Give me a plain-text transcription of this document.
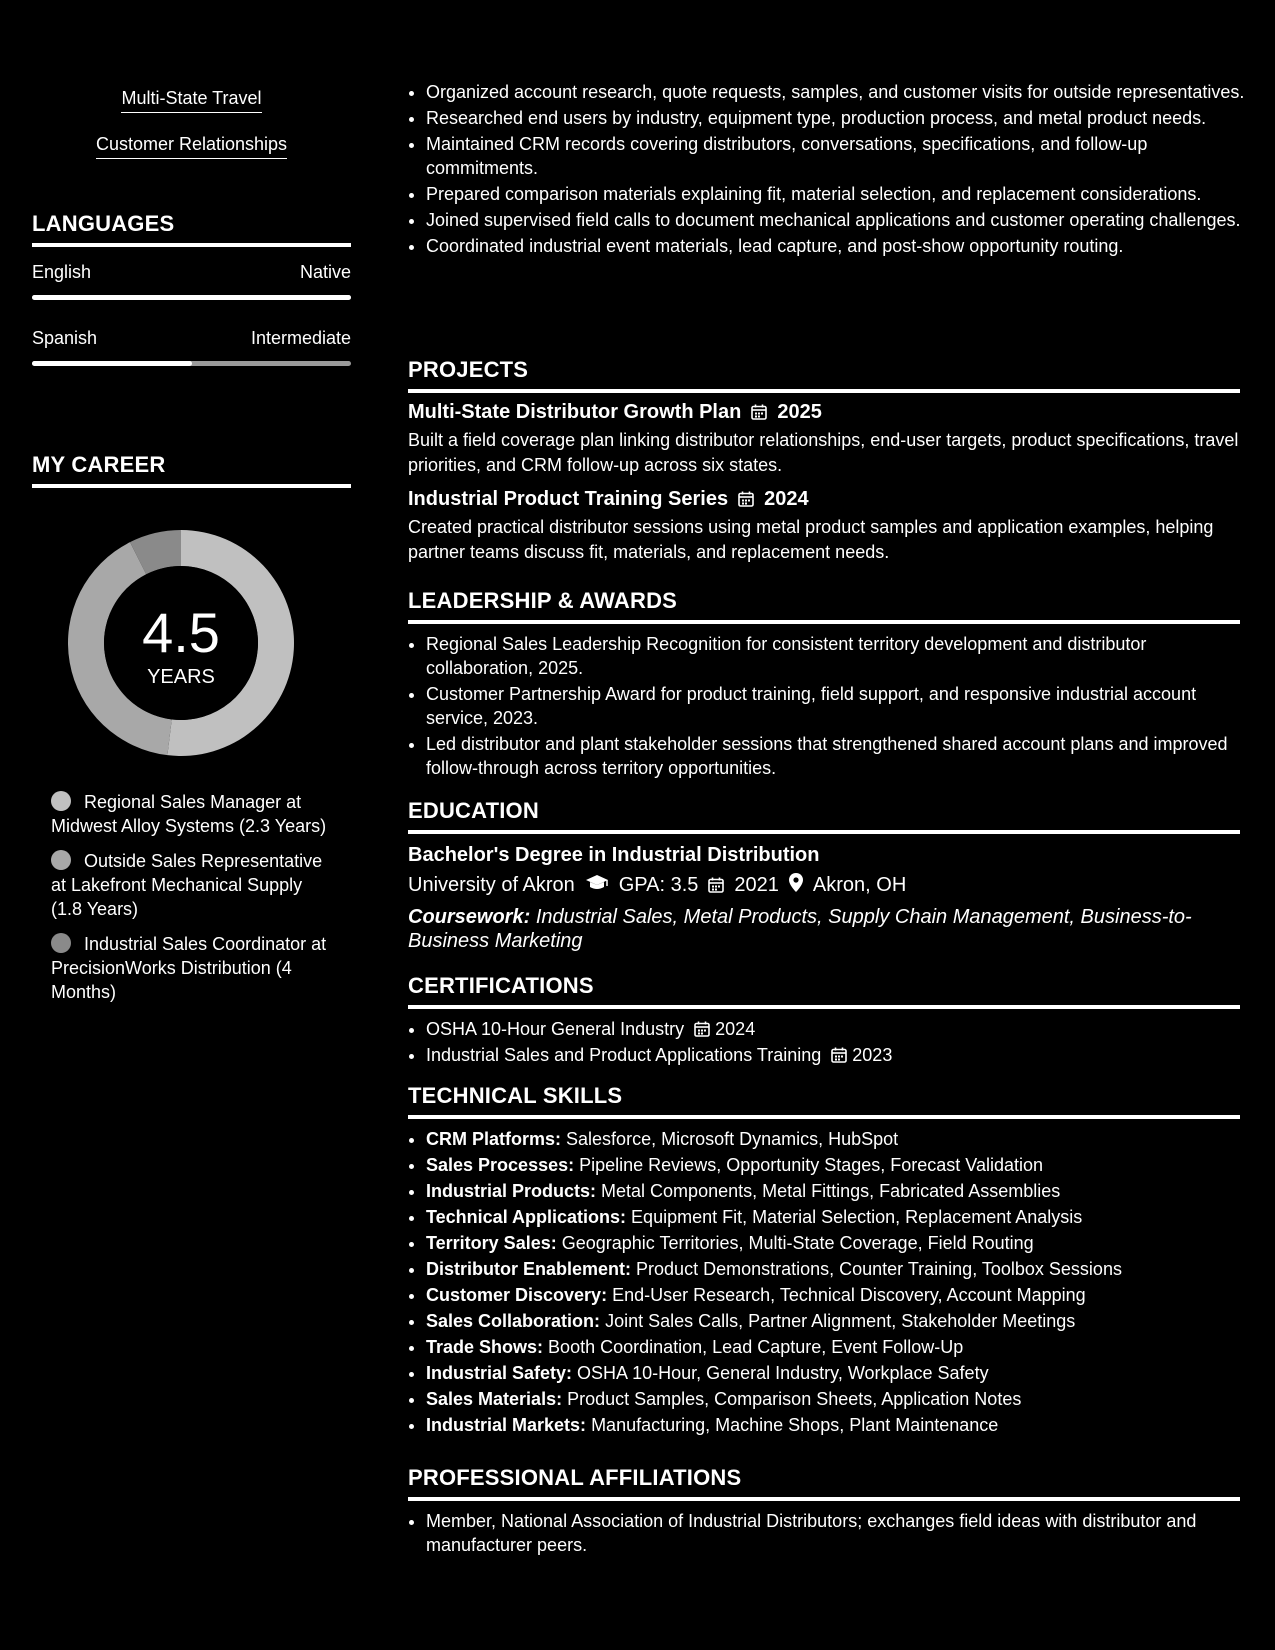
Multi-State Travel
Customer Relationships
LANGUAGES
English	Native
Spanish	Intermediate
MY CAREER
4.5
YEARS
Regional Sales Manager at Midwest Alloy Systems (2.3 Years)
Outside Sales Representative at Lakefront Mechanical Supply (1.8 Years)
Industrial Sales Coordinator at PrecisionWorks Distribution (4 Months)
• Organized account research, quote requests, samples, and customer visits for outside representatives.
• Researched end users by industry, equipment type, production process, and metal product needs.
• Maintained CRM records covering distributors, conversations, specifications, and follow-up commitments.
• Prepared comparison materials explaining fit, material selection, and replacement considerations.
• Joined supervised field calls to document mechanical applications and customer operating challenges.
• Coordinated industrial event materials, lead capture, and post-show opportunity routing.
PROJECTS
Multi-State Distributor Growth Plan 2025
Built a field coverage plan linking distributor relationships, end-user targets, product specifications, travel priorities, and CRM follow-up across six states.
Industrial Product Training Series 2024
Created practical distributor sessions using metal product samples and application examples, helping partner teams discuss fit, materials, and replacement needs.
LEADERSHIP & AWARDS
• Regional Sales Leadership Recognition for consistent territory development and distributor collaboration, 2025.
• Customer Partnership Award for product training, field support, and responsive industrial account service, 2023.
• Led distributor and plant stakeholder sessions that strengthened shared account plans and improved follow-through across territory opportunities.
EDUCATION
Bachelor's Degree in Industrial Distribution
University of Akron GPA: 3.5 2021 Akron, OH
Coursework: Industrial Sales, Metal Products, Supply Chain Management, Business-to-Business Marketing
CERTIFICATIONS
• OSHA 10-Hour General Industry 2024
• Industrial Sales and Product Applications Training 2023
TECHNICAL SKILLS
• CRM Platforms: Salesforce, Microsoft Dynamics, HubSpot
• Sales Processes: Pipeline Reviews, Opportunity Stages, Forecast Validation
• Industrial Products: Metal Components, Metal Fittings, Fabricated Assemblies
• Technical Applications: Equipment Fit, Material Selection, Replacement Analysis
• Territory Sales: Geographic Territories, Multi-State Coverage, Field Routing
• Distributor Enablement: Product Demonstrations, Counter Training, Toolbox Sessions
• Customer Discovery: End-User Research, Technical Discovery, Account Mapping
• Sales Collaboration: Joint Sales Calls, Partner Alignment, Stakeholder Meetings
• Trade Shows: Booth Coordination, Lead Capture, Event Follow-Up
• Industrial Safety: OSHA 10-Hour, General Industry, Workplace Safety
• Sales Materials: Product Samples, Comparison Sheets, Application Notes
• Industrial Markets: Manufacturing, Machine Shops, Plant Maintenance
PROFESSIONAL AFFILIATIONS
• Member, National Association of Industrial Distributors; exchanges field ideas with distributor and manufacturer peers.
